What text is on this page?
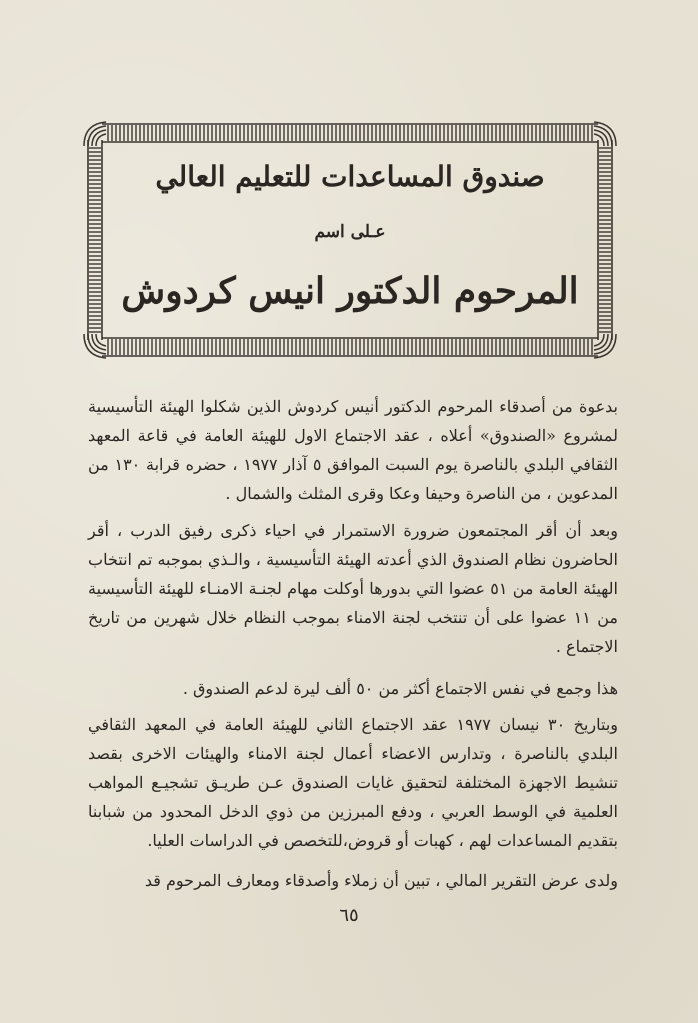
صندوق المساعدات للتعليم العالي
عـلى اسم
المرحوم الدكتور انيس كردوش

بدعوة من أصدقاء المرحوم الدكتور أنيس كردوش الذين شكلوا الهيئة التأسيسية لمشروع «الصندوق» أعلاه ، عقد الاجتماع الاول للهيئة العامة في قاعة المعهد الثقافي البلدي بالناصرة يوم السبت الموافق ٥ آذار ١٩٧٧ ، حضره قرابة ١٣٠ من المدعوين ، من الناصرة وحيفا وعكا وقرى المثلث والشمال .

وبعد أن أقر المجتمعون ضرورة الاستمرار في احياء ذكرى رفيق الدرب ، أقر الحاضرون نظام الصندوق الذي أعدته الهيئة التأسيسية ، والـذي بموجبه تم انتخاب الهيئة العامة من ٥١ عضوا التي بدورها أوكلت مهام لجنـة الامنـاء للهيئة التأسيسية من ١١ عضوا على أن تنتخب لجنة الامناء بموجب النظام خلال شهرين من تاريخ الاجتماع .

هذا وجمع في نفس الاجتماع أكثر من ٥٠ ألف ليرة لدعم الصندوق .

وبتاريخ ٣٠ نيسان ١٩٧٧ عقد الاجتماع الثاني للهيئة العامة في المعهد الثقافي البلدي بالناصرة ، وتدارس الاعضاء أعمال لجنة الامناء والهيئات الاخرى بقصد تنشيط الاجهزة المختلفة لتحقيق غايات الصندوق عـن طريـق تشجيـع المواهب العلمية في الوسط العربي ، ودفع المبرزين من ذوي الدخل المحدود من شبابنا بتقديم المساعدات لهم ، كهبات أو قروض،للتخصص في الدراسات العليا.

ولدى عرض التقرير المالي ، تبين أن زملاء وأصدقاء ومعارف المرحوم قد

٦٥
